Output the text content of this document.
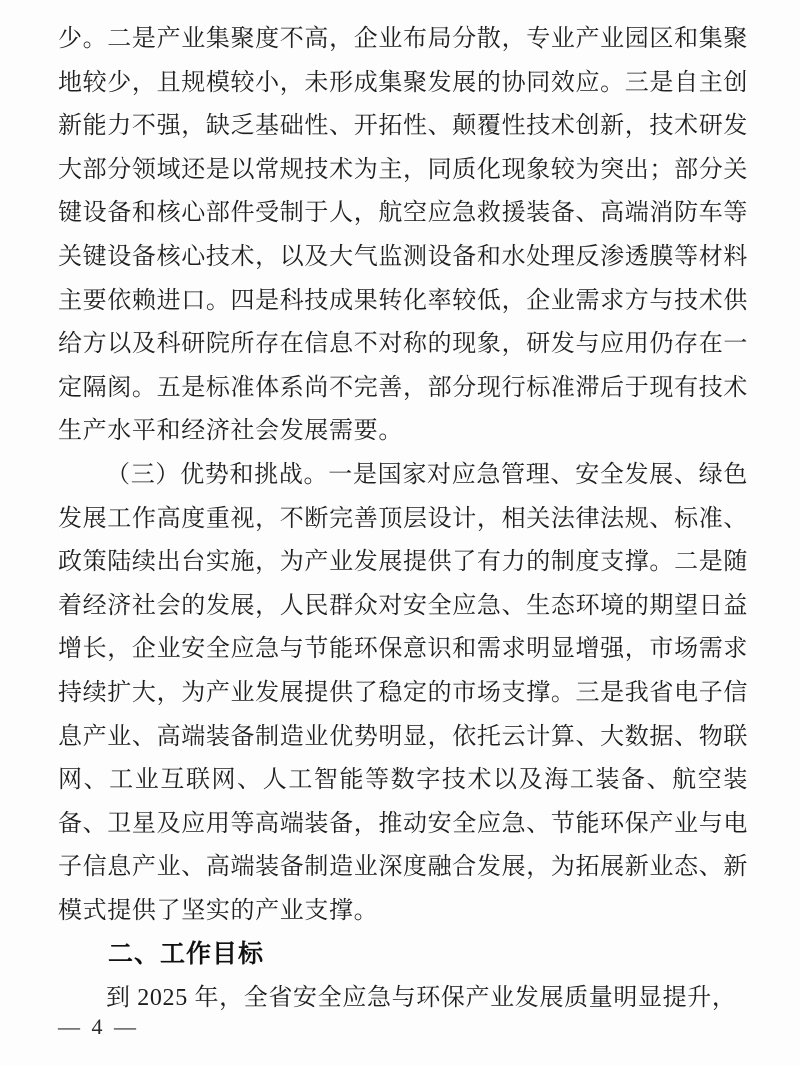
少。二是产业集聚度不高，企业布局分散，专业产业园区和集聚地较少，且规模较小，未形成集聚发展的协同效应。三是自主创新能力不强，缺乏基础性、开拓性、颠覆性技术创新，技术研发大部分领域还是以常规技术为主，同质化现象较为突出；部分关键设备和核心部件受制于人，航空应急救援装备、高端消防车等关键设备核心技术，以及大气监测设备和水处理反渗透膜等材料主要依赖进口。四是科技成果转化率较低，企业需求方与技术供给方以及科研院所存在信息不对称的现象，研发与应用仍存在一定隔阂。五是标准体系尚不完善，部分现行标准滞后于现有技术生产水平和经济社会发展需要。

（三）优势和挑战。一是国家对应急管理、安全发展、绿色发展工作高度重视，不断完善顶层设计，相关法律法规、标准、政策陆续出台实施，为产业发展提供了有力的制度支撑。二是随着经济社会的发展，人民群众对安全应急、生态环境的期望日益增长，企业安全应急与节能环保意识和需求明显增强，市场需求持续扩大，为产业发展提供了稳定的市场支撑。三是我省电子信息产业、高端装备制造业优势明显，依托云计算、大数据、物联网、工业互联网、人工智能等数字技术以及海工装备、航空装备、卫星及应用等高端装备，推动安全应急、节能环保产业与电子信息产业、高端装备制造业深度融合发展，为拓展新业态、新模式提供了坚实的产业支撑。

二、工作目标

到 2025 年，全省安全应急与环保产业发展质量明显提升，

— 4 —
